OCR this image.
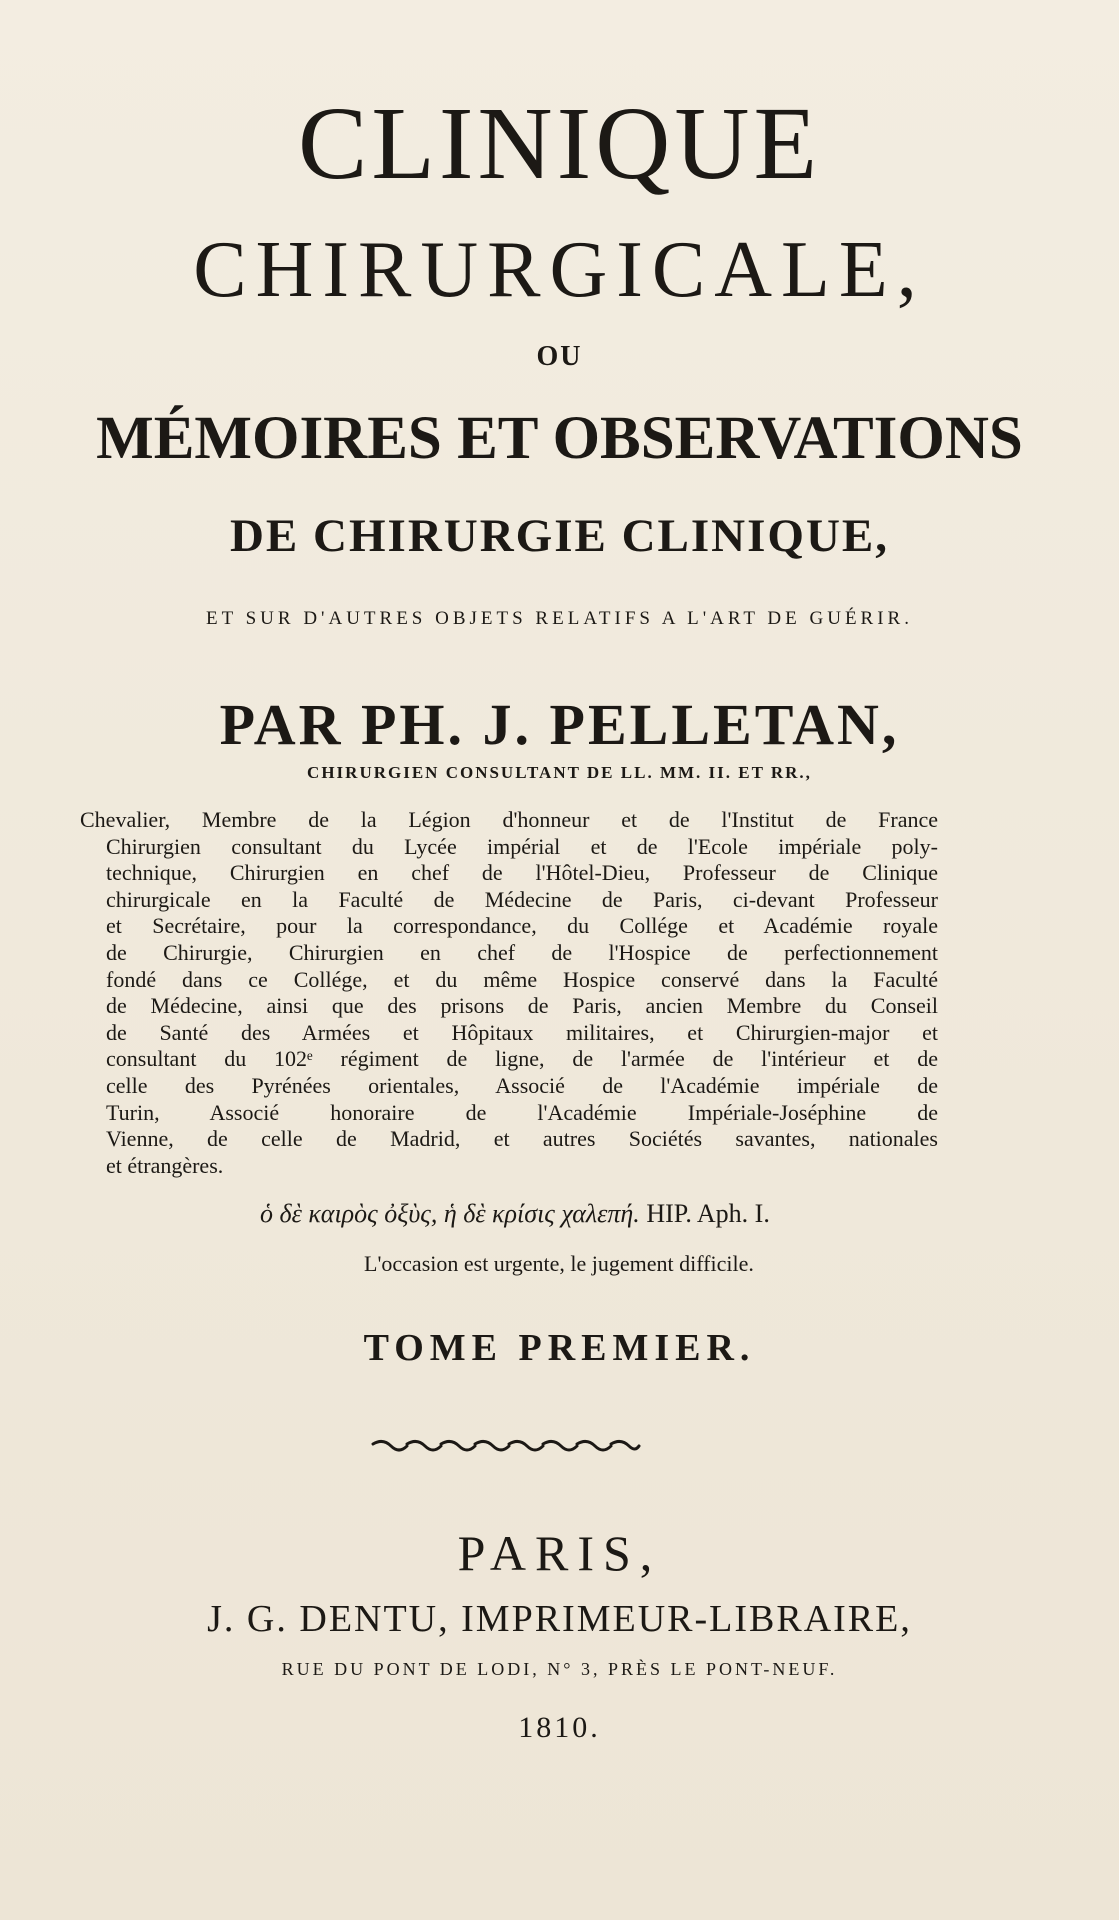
CLINIQUE
CHIRURGICALE,
OU
MÉMOIRES ET OBSERVATIONS
DE CHIRURGIE CLINIQUE,
ET SUR D'AUTRES OBJETS RELATIFS A L'ART DE GUÉRIR.
PAR PH. J. PELLETAN,
CHIRURGIEN CONSULTANT DE LL. MM. II. ET RR.,
Chevalier, Membre de la Légion d'honneur et de l'Institut de France
Chirurgien consultant du Lycée impérial et de l'Ecole impériale poly-
technique, Chirurgien en chef de l'Hôtel-Dieu, Professeur de Clinique
chirurgicale en la Faculté de Médecine de Paris, ci-devant Professeur
et Secrétaire, pour la correspondance, du Collége et Académie royale
de Chirurgie, Chirurgien en chef de l'Hospice de perfectionnement
fondé dans ce Collége, et du même Hospice conservé dans la Faculté
de Médecine, ainsi que des prisons de Paris, ancien Membre du Conseil
de Santé des Armées et Hôpitaux militaires, et Chirurgien-major et
consultant du 102ᵉ régiment de ligne, de l'armée de l'intérieur et de
celle des Pyrénées orientales, Associé de l'Académie impériale de
Turin, Associé honoraire de l'Académie Impériale-Joséphine de
Vienne, de celle de Madrid, et autres Sociétés savantes, nationales
et étrangères.
ὁ δὲ καιρὸς ὀξὺς, ἡ δὲ κρίσις χαλεπή. HIP. Aph. I.
L'occasion est urgente, le jugement difficile.
TOME PREMIER.
PARIS,
J. G. DENTU, IMPRIMEUR-LIBRAIRE,
RUE DU PONT DE LODI, N° 3, PRÈS LE PONT-NEUF.
1810.
